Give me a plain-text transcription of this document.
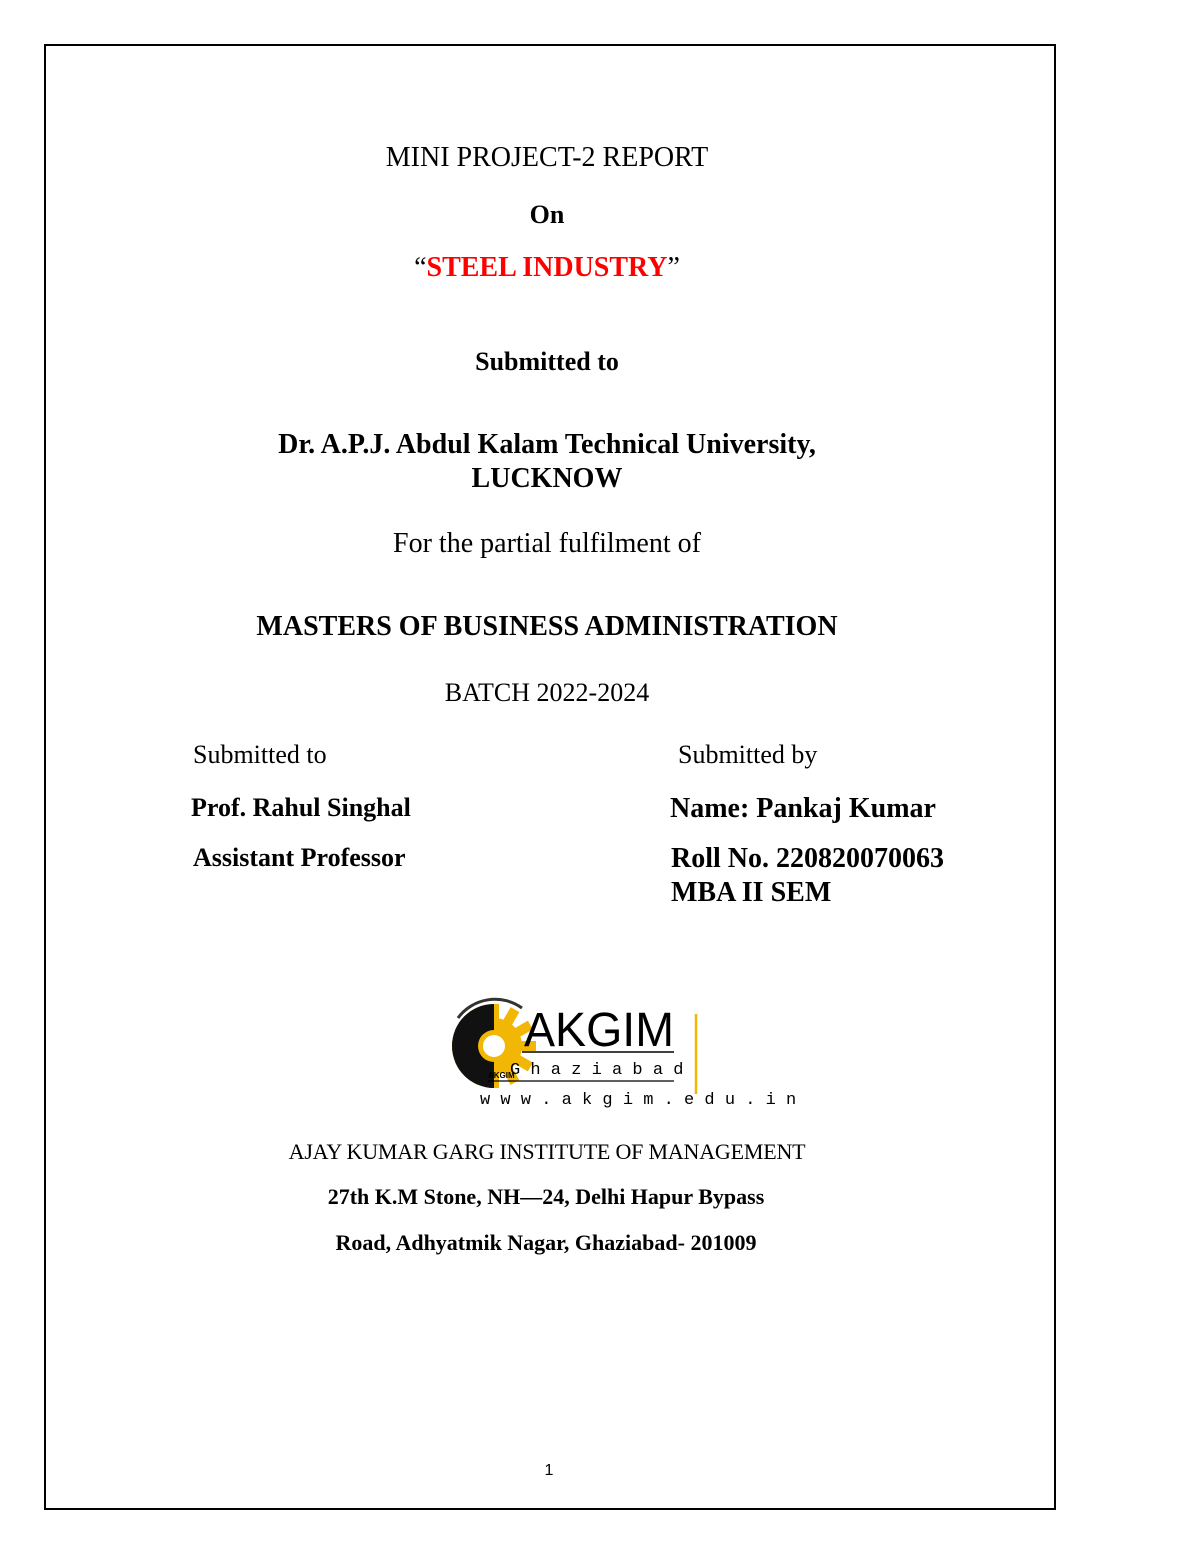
MINI PROJECT-2 REPORT
On
“STEEL INDUSTRY”
Submitted to
Dr. A.P.J. Abdul Kalam Technical University,
LUCKNOW
For the partial fulfilment of
MASTERS OF BUSINESS ADMINISTRATION
BATCH 2022-2024
Submitted to
Prof. Rahul Singhal
Assistant Professor
Submitted by
Name: Pankaj Kumar
Roll No. 220820070063
MBA II SEM
AKGIM
AKGIM
G h a z i a b a d
w w w . a k g i m . e d u . i n
AJAY KUMAR GARG INSTITUTE OF MANAGEMENT
27th K.M Stone, NH—24, Delhi Hapur Bypass
Road, Adhyatmik Nagar, Ghaziabad- 201009
1
